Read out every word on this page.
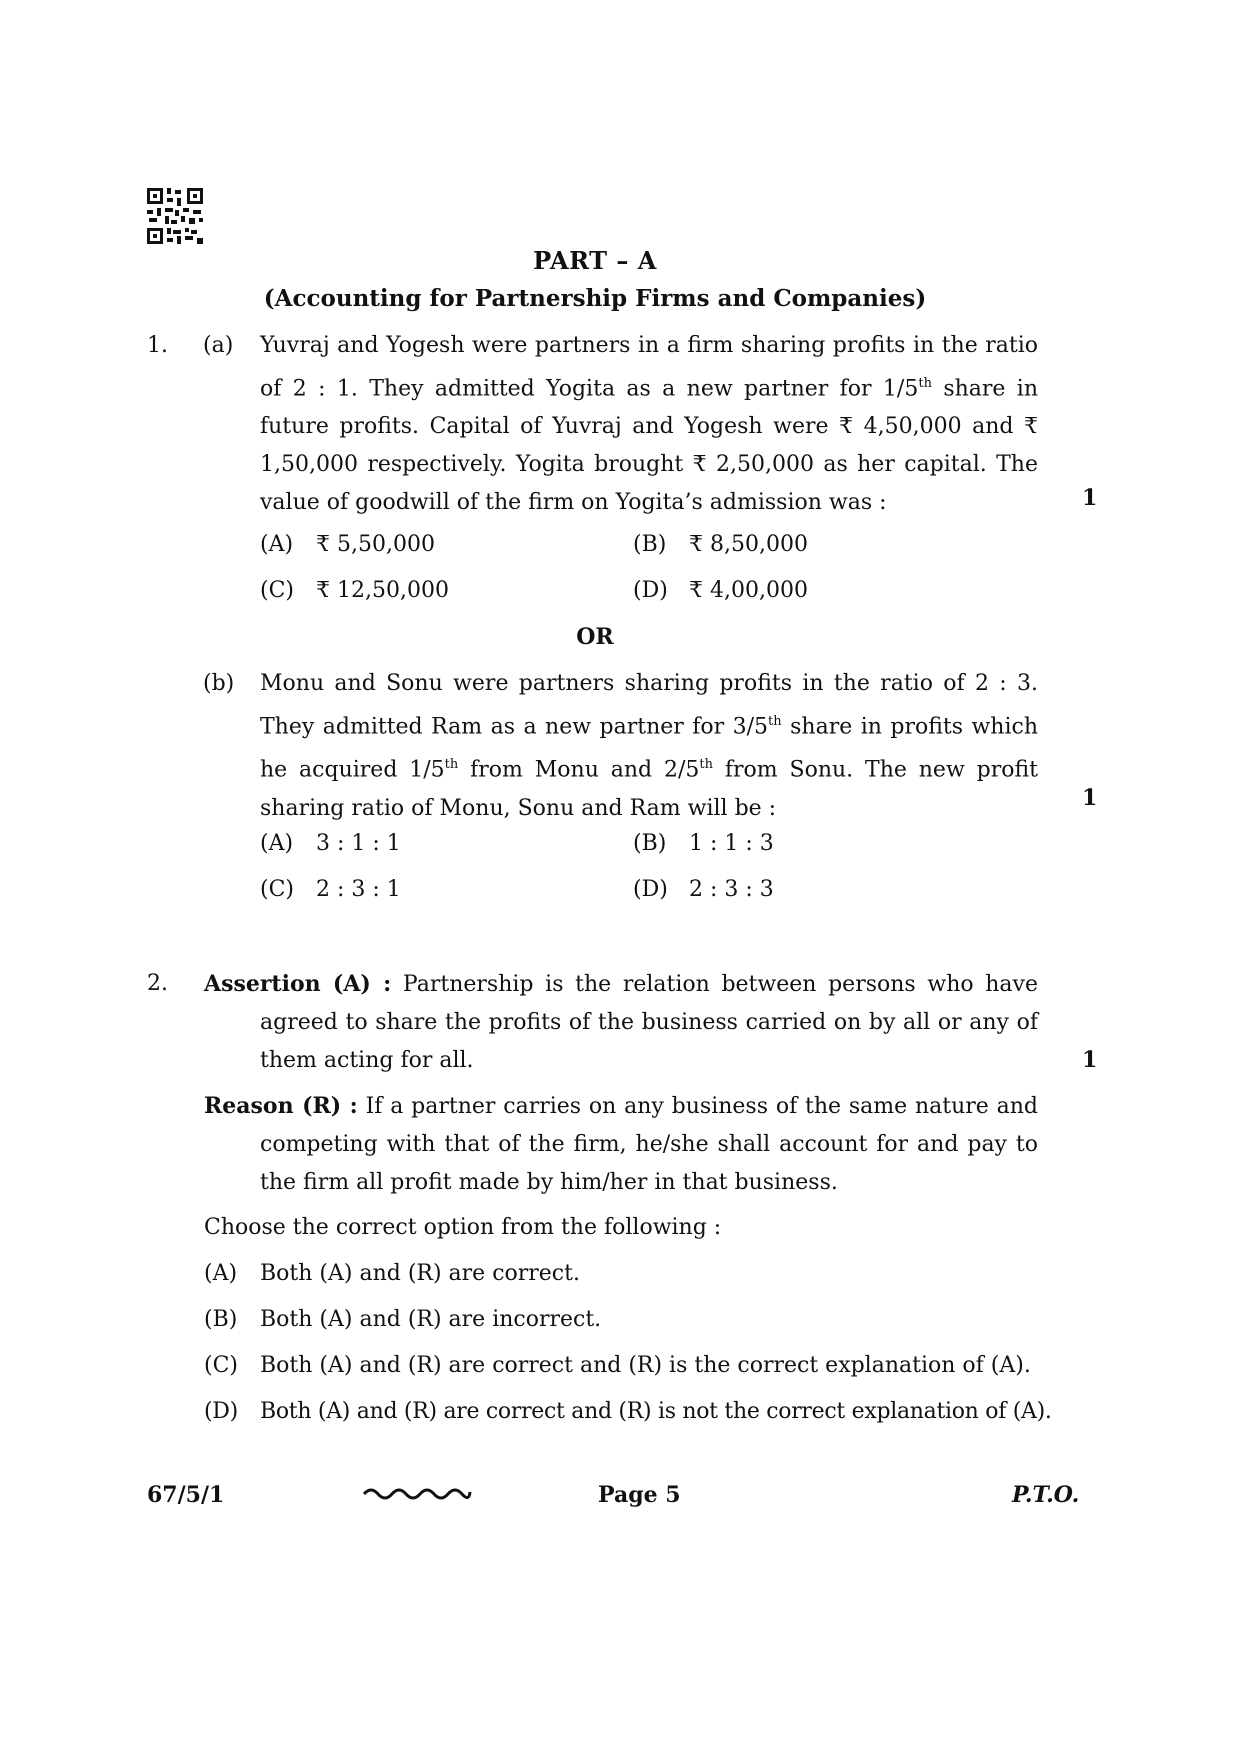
PART – A
(Accounting for Partnership Firms and Companies)
1. (a) Yuvraj and Yogesh were partners in a firm sharing profits in the ratio of 2 : 1. They admitted Yogita as a new partner for 1/5th share in future profits. Capital of Yuvraj and Yogesh were ₹ 4,50,000 and ₹ 1,50,000 respectively. Yogita brought ₹ 2,50,000 as her capital. The value of goodwill of the firm on Yogita’s admission was :	1
(A) ₹ 5,50,000	(B) ₹ 8,50,000
(C) ₹ 12,50,000	(D) ₹ 4,00,000
OR
(b) Monu and Sonu were partners sharing profits in the ratio of 2 : 3. They admitted Ram as a new partner for 3/5th share in profits which he acquired 1/5th from Monu and 2/5th from Sonu. The new profit sharing ratio of Monu, Sonu and Ram will be :	1
(A) 3 : 1 : 1	(B) 1 : 1 : 3
(C) 2 : 3 : 1	(D) 2 : 3 : 3
2. Assertion (A) : Partnership is the relation between persons who have agreed to share the profits of the business carried on by all or any of them acting for all.	1
Reason (R) : If a partner carries on any business of the same nature and competing with that of the firm, he/she shall account for and pay to the firm all profit made by him/her in that business.
Choose the correct option from the following :
(A) Both (A) and (R) are correct.
(B) Both (A) and (R) are incorrect.
(C) Both (A) and (R) are correct and (R) is the correct explanation of (A).
(D) Both (A) and (R) are correct and (R) is not the correct explanation of (A).
67/5/1	Page 5	P.T.O.
